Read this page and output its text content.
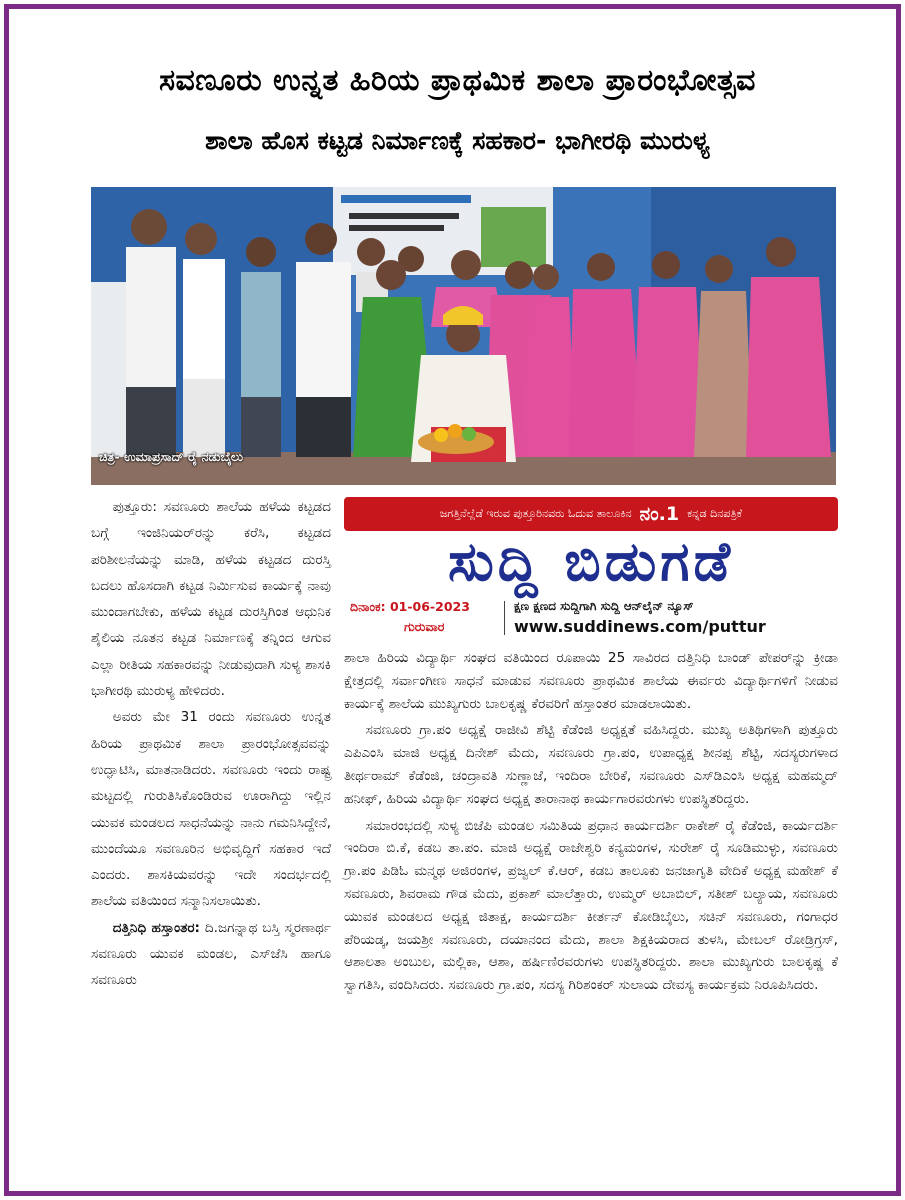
ಸವಣೂರು ಉನ್ನತ ಹಿರಿಯ ಪ್ರಾಥಮಿಕ ಶಾಲಾ ಪ್ರಾರಂಭೋತ್ಸವ
ಶಾಲಾ ಹೊಸ ಕಟ್ಟಡ ನಿರ್ಮಾಣಕ್ಕೆ ಸಹಕಾರ- ಭಾಗೀರಥಿ ಮುರುಳ್ಯ
ಚಿತ್ರ- ಉಮಾಪ್ರಸಾದ್ ರೈ ನಡುಬೈಲು

ಪುತ್ತೂರು: ಸವಣೂರು ಶಾಲೆಯ ಹಳೆಯ ಕಟ್ಟಡದ ಬಗ್ಗೆ ಇಂಜಿನಿಯರ್‌ರನ್ನು ಕರೆಸಿ, ಕಟ್ಟಡದ ಪರಿಶೀಲನೆಯನ್ನು ಮಾಡಿ, ಹಳೆಯ ಕಟ್ಟಡದ ದುರಸ್ತಿ ಬದಲು ಹೊಸದಾಗಿ ಕಟ್ಟಡ ನಿರ್ಮಿಸುವ ಕಾರ್ಯಕ್ಕೆ ನಾವು ಮುಂದಾಗಬೇಕು, ಹಳೆಯ ಕಟ್ಟಡ ದುರಸ್ತಿಗಿಂತ ಆಧುನಿಕ ಶೈಲಿಯ ನೂತನ ಕಟ್ಟಡ ನಿರ್ಮಾಣಕ್ಕೆ ತನ್ನಿಂದ ಆಗುವ ಎಲ್ಲಾ ರೀತಿಯ ಸಹಕಾರವನ್ನು ನೀಡುವುದಾಗಿ ಸುಳ್ಯ ಶಾಸಕಿ ಭಾಗೀರಥಿ ಮುರುಳ್ಯ ಹೇಳಿದರು.

ಅವರು ಮೇ 31 ರಂದು ಸವಣೂರು ಉನ್ನತ ಹಿರಿಯ ಪ್ರಾಥಮಿಕ ಶಾಲಾ ಪ್ರಾರಂಭೋತ್ಸವವನ್ನು ಉದ್ಘಾಟಿಸಿ, ಮಾತನಾಡಿದರು. ಸವಣೂರು ಇಂದು ರಾಷ್ಟ್ರ ಮಟ್ಟದಲ್ಲಿ ಗುರುತಿಸಿಕೊಂಡಿರುವ ಊರಾಗಿದ್ದು ಇಲ್ಲಿನ ಯುವಕ ಮಂಡಲದ ಸಾಧನೆಯನ್ನು ನಾನು ಗಮನಿಸಿದ್ದೇನೆ, ಮುಂದೆಯೂ ಸವಣೂರಿನ ಅಭಿವೃದ್ದಿಗೆ ಸಹಕಾರ ಇದೆ ಎಂದರು. ಶಾಸಕಿಯವರನ್ನು ಇದೇ ಸಂದರ್ಭದಲ್ಲಿ ಶಾಲೆಯ ವತಿಯಿಂದ ಸನ್ಮಾನಿಸಲಾಯಿತು.

ದತ್ತಿನಿಧಿ ಹಸ್ತಾಂತರ: ದಿ.ಜಗನ್ನಾಥ ಬಸ್ತಿ ಸ್ಮರಣಾರ್ಥ ಸವಣೂರು ಯುವಕ ಮಂಡಲ, ಎಸ್‌ಜೆಸಿ ಹಾಗೂ ಸವಣೂರು

ಜಗತ್ತಿನೆಲ್ಲೆಡೆ ಇರುವ ಪುತ್ತೂರಿನವರು ಓದುವ ತಾಲೂಕಿನ ನಂ.1 ಕನ್ನಡ ದಿನಪತ್ರಿಕೆ
ಸುದ್ದಿ ಬಿಡುಗಡೆ
ದಿನಾಂಕ: 01-06-2023
ಗುರುವಾರ
ಕ್ಷಣ ಕ್ಷಣದ ಸುದ್ದಿಗಾಗಿ ಸುದ್ದಿ ಆನ್‌ಲೈನ್ ನ್ಯೂಸ್
www.suddinews.com/puttur

ಶಾಲಾ ಹಿರಿಯ ವಿದ್ಯಾರ್ಥಿ ಸಂಘದ ವತಿಯಿಂದ ರೂಪಾಯಿ 25 ಸಾವಿರದ ದತ್ತಿನಿಧಿ ಬಾಂಡ್ ಪೇಪರ್‌ನ್ನು ಕ್ರೀಡಾ ಕ್ಷೇತ್ರದಲ್ಲಿ ಸರ್ವಾಂಗೀಣ ಸಾಧನೆ ಮಾಡುವ ಸವಣೂರು ಪ್ರಾಥಮಿಕ ಶಾಲೆಯ ಈರ್ವರು ವಿದ್ಯಾರ್ಥಿಗಳಿಗೆ ನೀಡುವ ಕಾರ್ಯಕ್ಕೆ ಶಾಲೆಯ ಮುಖ್ಯಗುರು ಬಾಲಕೃಷ್ಣ ಕೆರವರಿಗೆ ಹಸ್ತಾಂತರ ಮಾಡಲಾಯಿತು.

ಸವಣೂರು ಗ್ರಾ.ಪಂ ಅಧ್ಯಕ್ಷೆ ರಾಜೀವಿ ಶೆಟ್ಟಿ ಕೆಡೆಂಜಿ ಅಧ್ಯಕ್ಷತೆ ವಹಿಸಿದ್ದರು. ಮುಖ್ಯ ಅತಿಥಿಗಳಾಗಿ ಪುತ್ತೂರು ಎಪಿಎಂಸಿ ಮಾಜಿ ಅಧ್ಯಕ್ಷ ದಿನೇಶ್ ಮೆದು, ಸವಣೂರು ಗ್ರಾ.ಪಂ, ಉಪಾಧ್ಯಕ್ಷ ಶೀನಪ್ಪ ಶೆಟ್ಟಿ, ಸದಸ್ಯರುಗಳಾದ ತೀರ್ಥರಾಮ್ ಕೆಡೆಂಜಿ, ಚಂದ್ರಾವತಿ ಸುಣ್ಣಾಜೆ, ಇಂದಿರಾ ಬೇರಿಕೆ, ಸವಣೂರು ಎಸ್‌ಡಿಎಂಸಿ ಅಧ್ಯಕ್ಷ ಮಹಮ್ಮದ್ ಹನೀಫ್, ಹಿರಿಯ ವಿದ್ಯಾರ್ಥಿ ಸಂಘದ ಅಧ್ಯಕ್ಷ ತಾರಾನಾಥ ಕಾರ್ಯಗಾರವರುಗಳು ಉಪಸ್ಥಿತರಿದ್ದರು.

ಸಮಾರಂಭದಲ್ಲಿ ಸುಳ್ಯ ಬಿಜೆಪಿ ಮಂಡಲ ಸಮಿತಿಯ ಪ್ರಧಾನ ಕಾರ್ಯದರ್ಶಿ ರಾಕೇಶ್ ರೈ ಕೆಡೆಂಜಿ, ಕಾರ್ಯದರ್ಶಿ ಇಂದಿರಾ ಬಿ.ಕೆ, ಕಡಬ ತಾ.ಪಂ. ಮಾಜಿ ಅಧ್ಯಕ್ಷೆ ರಾಜೇಶ್ವರಿ ಕನ್ಯಮಂಗಳ, ಸುರೇಶ್ ರೈ ಸೂಡಿಮುಳ್ಳು, ಸವಣೂರು ಗ್ರಾ.ಪಂ ಪಿಡಿಓ ಮನ್ಮಥ ಅಜಿರಂಗಳ, ಪ್ರಜ್ವಲ್ ಕೆ.ಆರ್, ಕಡಬ ತಾಲೂಕು ಜನಜಾಗೃತಿ ವೇದಿಕೆ ಅಧ್ಯಕ್ಷ ಮಹೇಶ್ ಕೆ ಸವಣೂರು, ಶಿವರಾಮ ಗೌಡ ಮೆದು, ಪ್ರಕಾಶ್ ಮಾಲೆತ್ತಾರು, ಉಮ್ಮರ್ ಅಬಾಬಿಲ್, ಸತೀಶ್ ಬಲ್ಯಾಯ, ಸವಣೂರು ಯುವಕ ಮಂಡಲದ ಅಧ್ಯಕ್ಷ ಜಿತಾಕ್ಷ, ಕಾರ್ಯದರ್ಶಿ ಕೀರ್ತನ್ ಕೋಡಿಬೈಲು, ಸಚಿನ್ ಸವಣೂರು, ಗಂಗಾಧರ ಪೆರಿಯಡ್ಕ, ಜಯಶ್ರೀ ಸವಣೂರು, ದಯಾನಂದ ಮೆದು, ಶಾಲಾ ಶಿಕ್ಷಕಿಯರಾದ ತುಳಸಿ, ಮೇಬಲ್ ರೋಡ್ರಿಗ್ರಸ್, ಆಶಾಲತಾ ಅಂಬುಲ, ಮಲ್ಲಿಕಾ, ಆಶಾ, ಹರ್ಷಿಣಿರವರುಗಳು ಉಪಸ್ಥಿತರಿದ್ದರು. ಶಾಲಾ ಮುಖ್ಯಗುರು ಬಾಲಕೃಷ್ಣ ಕೆ ಸ್ವಾಗತಿಸಿ, ವಂದಿಸಿದರು. ಸವಣೂರು ಗ್ರಾ.ಪಂ, ಸದಸ್ಯ ಗಿರಿಶಂಕರ್ ಸುಲಾಯ ದೇವಸ್ಯ ಕಾರ್ಯಕ್ರಮ ನಿರೂಪಿಸಿದರು.
